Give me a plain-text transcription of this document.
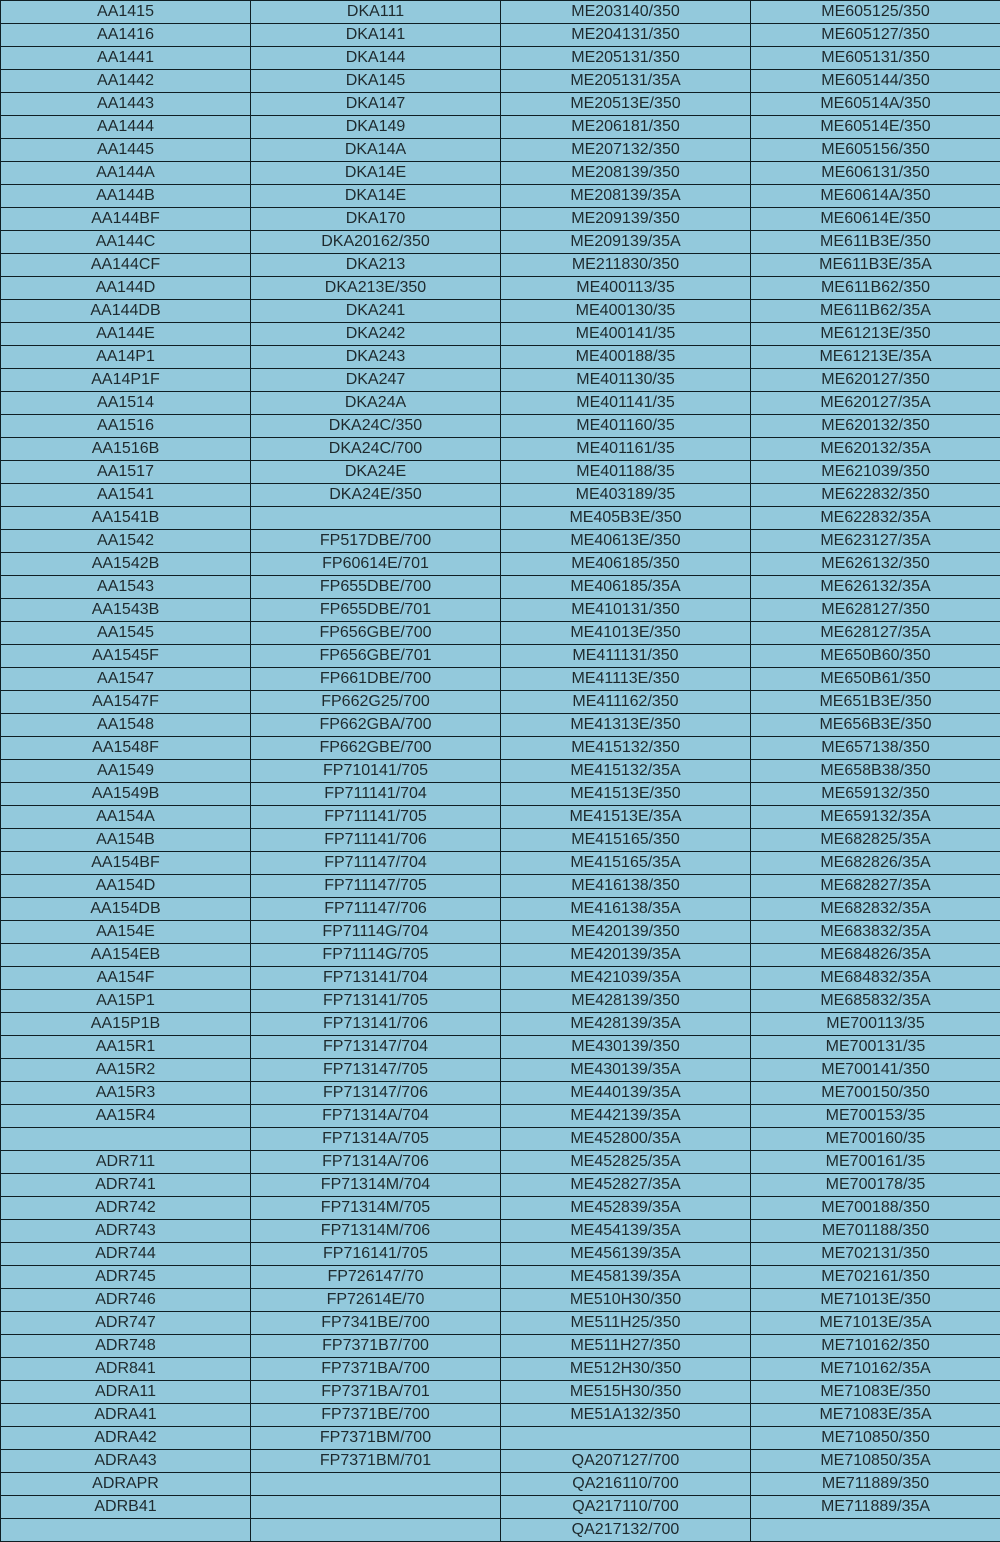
AA1415	DKA111	ME203140/350	ME605125/350
AA1416	DKA141	ME204131/350	ME605127/350
AA1441	DKA144	ME205131/350	ME605131/350
AA1442	DKA145	ME205131/35A	ME605144/350
AA1443	DKA147	ME20513E/350	ME60514A/350
AA1444	DKA149	ME206181/350	ME60514E/350
AA1445	DKA14A	ME207132/350	ME605156/350
AA144A	DKA14E	ME208139/350	ME606131/350
AA144B	DKA14E	ME208139/35A	ME60614A/350
AA144BF	DKA170	ME209139/350	ME60614E/350
AA144C	DKA20162/350	ME209139/35A	ME611B3E/350
AA144CF	DKA213	ME211830/350	ME611B3E/35A
AA144D	DKA213E/350	ME400113/35	ME611B62/350
AA144DB	DKA241	ME400130/35	ME611B62/35A
AA144E	DKA242	ME400141/35	ME61213E/350
AA14P1	DKA243	ME400188/35	ME61213E/35A
AA14P1F	DKA247	ME401130/35	ME620127/350
AA1514	DKA24A	ME401141/35	ME620127/35A
AA1516	DKA24C/350	ME401160/35	ME620132/350
AA1516B	DKA24C/700	ME401161/35	ME620132/35A
AA1517	DKA24E	ME401188/35	ME621039/350
AA1541	DKA24E/350	ME403189/35	ME622832/350
AA1541B		ME405B3E/350	ME622832/35A
AA1542	FP517DBE/700	ME40613E/350	ME623127/35A
AA1542B	FP60614E/701	ME406185/350	ME626132/350
AA1543	FP655DBE/700	ME406185/35A	ME626132/35A
AA1543B	FP655DBE/701	ME410131/350	ME628127/350
AA1545	FP656GBE/700	ME41013E/350	ME628127/35A
AA1545F	FP656GBE/701	ME411131/350	ME650B60/350
AA1547	FP661DBE/700	ME41113E/350	ME650B61/350
AA1547F	FP662G25/700	ME411162/350	ME651B3E/350
AA1548	FP662GBA/700	ME41313E/350	ME656B3E/350
AA1548F	FP662GBE/700	ME415132/350	ME657138/350
AA1549	FP710141/705	ME415132/35A	ME658B38/350
AA1549B	FP711141/704	ME41513E/350	ME659132/350
AA154A	FP711141/705	ME41513E/35A	ME659132/35A
AA154B	FP711141/706	ME415165/350	ME682825/35A
AA154BF	FP711147/704	ME415165/35A	ME682826/35A
AA154D	FP711147/705	ME416138/350	ME682827/35A
AA154DB	FP711147/706	ME416138/35A	ME682832/35A
AA154E	FP71114G/704	ME420139/350	ME683832/35A
AA154EB	FP71114G/705	ME420139/35A	ME684826/35A
AA154F	FP713141/704	ME421039/35A	ME684832/35A
AA15P1	FP713141/705	ME428139/350	ME685832/35A
AA15P1B	FP713141/706	ME428139/35A	ME700113/35
AA15R1	FP713147/704	ME430139/350	ME700131/35
AA15R2	FP713147/705	ME430139/35A	ME700141/350
AA15R3	FP713147/706	ME440139/35A	ME700150/350
AA15R4	FP71314A/704	ME442139/35A	ME700153/35
	FP71314A/705	ME452800/35A	ME700160/35
ADR711	FP71314A/706	ME452825/35A	ME700161/35
ADR741	FP71314M/704	ME452827/35A	ME700178/35
ADR742	FP71314M/705	ME452839/35A	ME700188/350
ADR743	FP71314M/706	ME454139/35A	ME701188/350
ADR744	FP716141/705	ME456139/35A	ME702131/350
ADR745	FP726147/70	ME458139/35A	ME702161/350
ADR746	FP72614E/70	ME510H30/350	ME71013E/350
ADR747	FP7341BE/700	ME511H25/350	ME71013E/35A
ADR748	FP7371B7/700	ME511H27/350	ME710162/350
ADR841	FP7371BA/700	ME512H30/350	ME710162/35A
ADRA11	FP7371BA/701	ME515H30/350	ME71083E/350
ADRA41	FP7371BE/700	ME51A132/350	ME71083E/35A
ADRA42	FP7371BM/700		ME710850/350
ADRA43	FP7371BM/701	QA207127/700	ME710850/35A
ADRAPR		QA216110/700	ME711889/350
ADRB41		QA217110/700	ME711889/35A
		QA217132/700	
